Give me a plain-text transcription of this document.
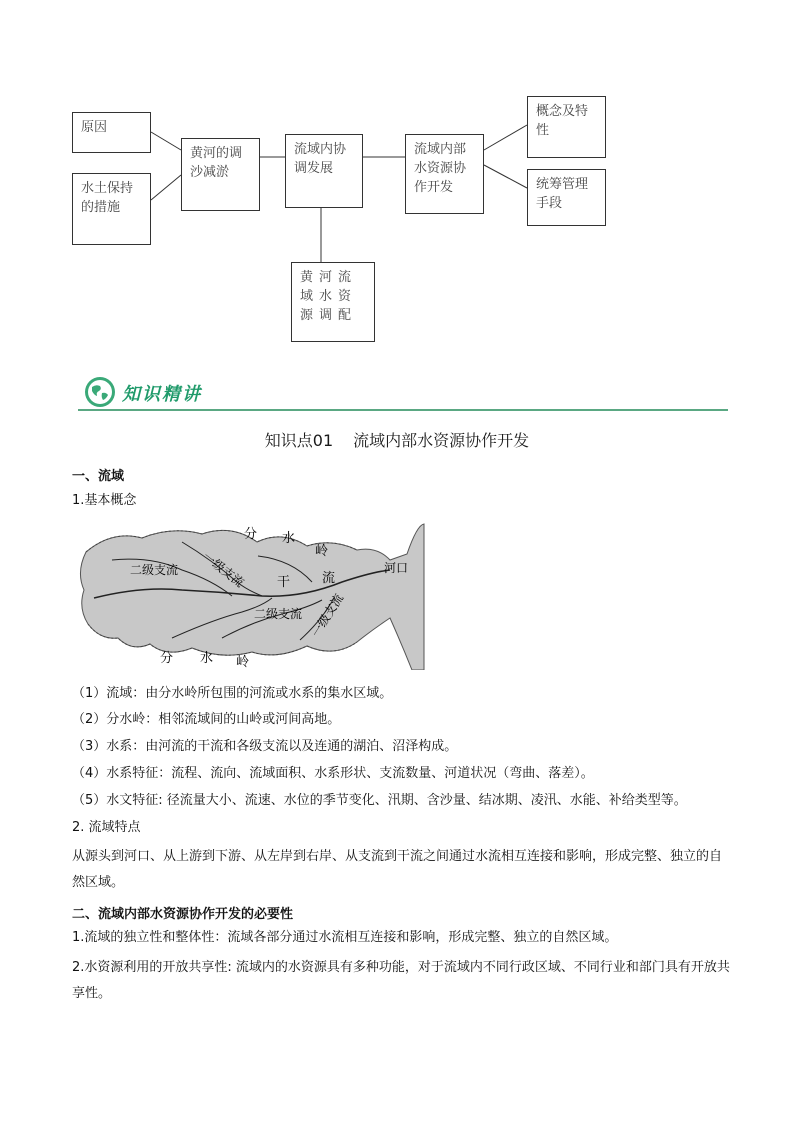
原因
水土保持的措施
黄河的调沙减淤
流域内协调发展
流域内部水资源协作开发
概念及特性
统筹管理手段
黄河流域水资源调配
知识精讲
知识点01 流域内部水资源协作开发
一、流域
1.基本概念
分 水
岭
二级支流 一级支流 干 流
河口
二级支流 一级支流
分 水 岭
（1）流域：由分水岭所包围的河流或水系的集水区域。
（2）分水岭：相邻流域间的山岭或河间高地。
（3）水系：由河流的干流和各级支流以及连通的湖泊、沼泽构成。
（4）水系特征：流程、流向、流域面积、水系形状、支流数量、河道状况（弯曲、落差）。
（5）水文特征: 径流量大小、流速、水位的季节变化、汛期、含沙量、结冰期、凌汛、水能、补给类型等。
2. 流域特点
从源头到河口、从上游到下游、从左岸到右岸、从支流到干流之间通过水流相互连接和影响，形成完整、独立的自然区域。
二、流域内部水资源协作开发的必要性
1.流域的独立性和整体性：流域各部分通过水流相互连接和影响，形成完整、独立的自然区域。
2.水资源利用的开放共享性: 流域内的水资源具有多种功能，对于流域内不同行政区域、不同行业和部门具有开放共享性。
